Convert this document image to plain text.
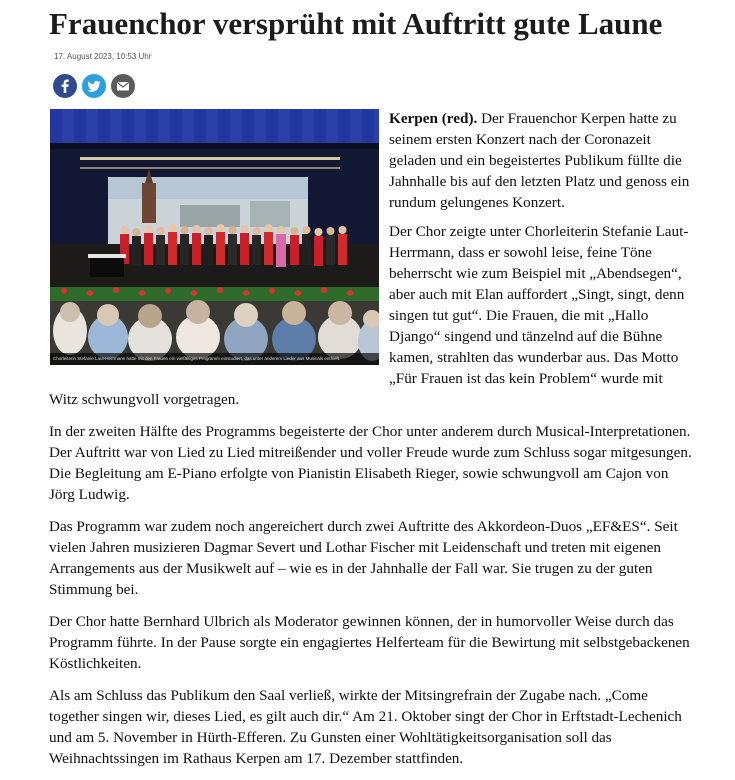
Frauenchor versprüht mit Auftritt gute Laune
17. August 2023, 10:53 Uhr
Chorleiterin Stefanie Laut-Herrmann hatte mit den Frauen ein vielfältiges Programm einstudiert, das unter anderem Lieder aus Musicals enthielt.

Kerpen (red). Der Frauenchor Kerpen hatte zu seinem ersten Konzert nach der Coronazeit geladen und ein begeistertes Publikum füllte die Jahnhalle bis auf den letzten Platz und genoss ein rundum gelungenes Konzert.

Der Chor zeigte unter Chorleiterin Stefanie Laut-Herrmann, dass er sowohl leise, feine Töne beherrscht wie zum Beispiel mit „Abendsegen“, aber auch mit Elan auffordert „Singt, singt, denn singen tut gut“. Die Frauen, die mit „Hallo Django“ singend und tänzelnd auf die Bühne kamen, strahlten das wunderbar aus. Das Motto „Für Frauen ist das kein Problem“ wurde mit Witz schwungvoll vorgetragen.

In der zweiten Hälfte des Programms begeisterte der Chor unter anderem durch Musical-Interpretationen. Der Auftritt war von Lied zu Lied mitreißender und voller Freude wurde zum Schluss sogar mitgesungen. Die Begleitung am E-Piano erfolgte von Pianistin Elisabeth Rieger, sowie schwungvoll am Cajon von Jörg Ludwig.

Das Programm war zudem noch angereichert durch zwei Auftritte des Akkordeon-Duos „EF&ES“. Seit vielen Jahren musizieren Dagmar Severt und Lothar Fischer mit Leidenschaft und treten mit eigenen Arrangements aus der Musikwelt auf – wie es in der Jahnhalle der Fall war. Sie trugen zu der guten Stimmung bei.

Der Chor hatte Bernhard Ulbrich als Moderator gewinnen können, der in humorvoller Weise durch das Programm führte. In der Pause sorgte ein engagiertes Helferteam für die Bewirtung mit selbstgebackenen Köstlichkeiten.

Als am Schluss das Publikum den Saal verließ, wirkte der Mitsingrefrain der Zugabe nach. „Come together singen wir, dieses Lied, es gilt auch dir.“ Am 21. Oktober singt der Chor in Erftstadt-Lechenich und am 5. November in Hürth-Efferen. Zu Gunsten einer Wohltätigkeitsorganisation soll das Weihnachtssingen im Rathaus Kerpen am 17. Dezember stattfinden.
